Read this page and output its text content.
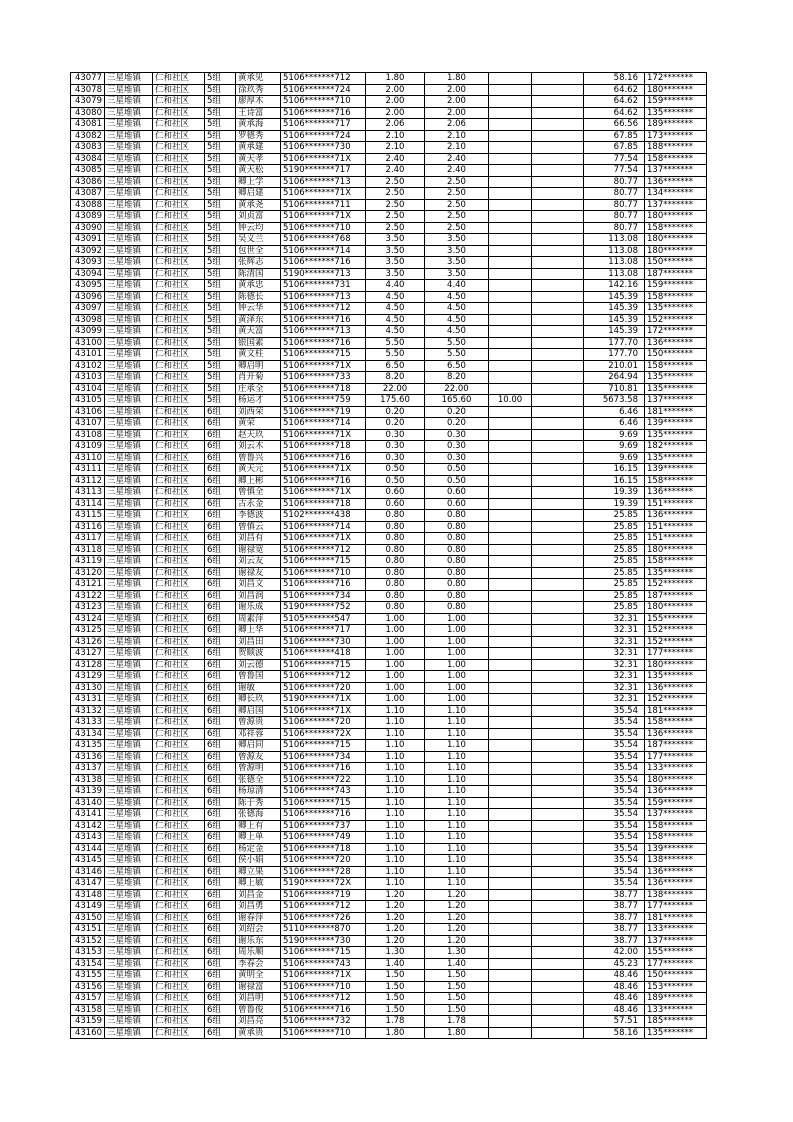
43077	三星堆镇	仁和社区	5组	黄承见	5106*******712	1.80	1.80			58.16	172*******
43078	三星堆镇	仁和社区	5组	徐玖秀	5106*******724	2.00	2.00			64.62	180*******
43079	三星堆镇	仁和社区	5组	廖厚木	5106*******710	2.00	2.00			64.62	159*******
43080	三星堆镇	仁和社区	5组	王诗富	5106*******716	2.00	2.00			64.62	135*******
43081	三星堆镇	仁和社区	5组	黄承海	5106*******717	2.06	2.06			66.56	189*******
43082	三星堆镇	仁和社区	5组	罗德秀	5106*******724	2.10	2.10			67.85	173*******
43083	三星堆镇	仁和社区	5组	黄承建	5106*******730	2.10	2.10			67.85	188*******
43084	三星堆镇	仁和社区	5组	黄天孝	5106*******71X	2.40	2.40			77.54	158*******
43085	三星堆镇	仁和社区	5组	黄天松	5190*******717	2.40	2.40			77.54	137*******
43086	三星堆镇	仁和社区	5组	卿上学	5106*******713	2.50	2.50			80.77	136*******
43087	三星堆镇	仁和社区	5组	卿启建	5106*******71X	2.50	2.50			80.77	134*******
43088	三星堆镇	仁和社区	5组	黄承尧	5106*******711	2.50	2.50			80.77	137*******
43089	三星堆镇	仁和社区	5组	刘贞富	5106*******71X	2.50	2.50			80.77	180*******
43090	三星堆镇	仁和社区	5组	钟云均	5106*******710	2.50	2.50			80.77	158*******
43091	三星堆镇	仁和社区	5组	吴义兰	5106*******768	3.50	3.50			113.08	180*******
43092	三星堆镇	仁和社区	5组	包世全	5106*******714	3.50	3.50			113.08	180*******
43093	三星堆镇	仁和社区	5组	张辉志	5106*******716	3.50	3.50			113.08	150*******
43094	三星堆镇	仁和社区	5组	陈清国	5190*******713	3.50	3.50			113.08	187*******
43095	三星堆镇	仁和社区	5组	黄承忠	5106*******731	4.40	4.40			142.16	159*******
43096	三星堆镇	仁和社区	5组	陈德长	5106*******713	4.50	4.50			145.39	158*******
43097	三星堆镇	仁和社区	5组	钟云华	5106*******712	4.50	4.50			145.39	135*******
43098	三星堆镇	仁和社区	5组	黄泽东	5106*******716	4.50	4.50			145.39	152*******
43099	三星堆镇	仁和社区	5组	黄天富	5106*******713	4.50	4.50			145.39	172*******
43100	三星堆镇	仁和社区	5组	银国素	5106*******716	5.50	5.50			177.70	136*******
43101	三星堆镇	仁和社区	5组	黄文柱	5106*******715	5.50	5.50			177.70	150*******
43102	三星堆镇	仁和社区	5组	卿启明	5106*******71X	6.50	6.50			210.01	158*******
43103	三星堆镇	仁和社区	5组	肖开菊	5106*******733	8.20	8.20			264.94	135*******
43104	三星堆镇	仁和社区	5组	庄承全	5106*******718	22.00	22.00			710.81	135*******
43105	三星堆镇	仁和社区	5组	杨运才	5106*******759	175.60	165.60	10.00		5673.58	137*******
43106	三星堆镇	仁和社区	6组	刘西荣	5106*******719	0.20	0.20			6.46	181*******
43107	三星堆镇	仁和社区	6组	黄荣	5106*******714	0.20	0.20			6.46	139*******
43108	三星堆镇	仁和社区	6组	赵天玖	5106*******71X	0.30	0.30			9.69	135*******
43109	三星堆镇	仁和社区	6组	刘云木	5106*******718	0.30	0.30			9.69	182*******
43110	三星堆镇	仁和社区	6组	曾鲁兴	5106*******716	0.30	0.30			9.69	135*******
43111	三星堆镇	仁和社区	6组	黄天元	5106*******71X	0.50	0.50			16.15	139*******
43112	三星堆镇	仁和社区	6组	卿上彬	5106*******716	0.50	0.50			16.15	158*******
43113	三星堆镇	仁和社区	6组	曾慎全	5106*******71X	0.60	0.60			19.39	136*******
43114	三星堆镇	仁和社区	6组	古永金	5106*******718	0.60	0.60			19.39	151*******
43115	三星堆镇	仁和社区	6组	李德波	5102*******438	0.80	0.80			25.85	136*******
43116	三星堆镇	仁和社区	6组	曾慎云	5106*******714	0.80	0.80			25.85	151*******
43117	三星堆镇	仁和社区	6组	刘昌有	5106*******71X	0.80	0.80			25.85	151*******
43118	三星堆镇	仁和社区	6组	谢禄宽	5106*******712	0.80	0.80			25.85	180*******
43119	三星堆镇	仁和社区	6组	刘云友	5106*******715	0.80	0.80			25.85	158*******
43120	三星堆镇	仁和社区	6组	谢禄友	5106*******710	0.80	0.80			25.85	135*******
43121	三星堆镇	仁和社区	6组	刘昌文	5106*******716	0.80	0.80			25.85	152*******
43122	三星堆镇	仁和社区	6组	刘昌润	5106*******734	0.80	0.80			25.85	187*******
43123	三星堆镇	仁和社区	6组	谢乐成	5190*******752	0.80	0.80			25.85	180*******
43124	三星堆镇	仁和社区	6组	周素萍	5105*******547	1.00	1.00			32.31	155*******
43125	三星堆镇	仁和社区	6组	卿上华	5106*******717	1.00	1.00			32.31	152*******
43126	三星堆镇	仁和社区	6组	刘昌田	5106*******730	1.00	1.00			32.31	152*******
43127	三星堆镇	仁和社区	6组	贺顺波	5106*******418	1.00	1.00			32.31	177*******
43128	三星堆镇	仁和社区	6组	刘云德	5106*******715	1.00	1.00			32.31	180*******
43129	三星堆镇	仁和社区	6组	曾鲁国	5106*******712	1.00	1.00			32.31	135*******
43130	三星堆镇	仁和社区	6组	谢敏	5106*******720	1.00	1.00			32.31	136*******
43131	三星堆镇	仁和社区	6组	卿长玖	5190*******71X	1.00	1.00			32.31	152*******
43132	三星堆镇	仁和社区	6组	卿启国	5106*******71X	1.10	1.10			35.54	181*******
43133	三星堆镇	仁和社区	6组	曾源贵	5106*******720	1.10	1.10			35.54	158*******
43134	三星堆镇	仁和社区	6组	邓祥蓉	5106*******72X	1.10	1.10			35.54	136*******
43135	三星堆镇	仁和社区	6组	卿启同	5106*******715	1.10	1.10			35.54	187*******
43136	三星堆镇	仁和社区	6组	曾源友	5106*******734	1.10	1.10			35.54	177*******
43137	三星堆镇	仁和社区	6组	曾源明	5106*******716	1.10	1.10			35.54	133*******
43138	三星堆镇	仁和社区	6组	张德全	5106*******722	1.10	1.10			35.54	180*******
43139	三星堆镇	仁和社区	6组	杨琼清	5106*******743	1.10	1.10			35.54	136*******
43140	三星堆镇	仁和社区	6组	陈于秀	5106*******715	1.10	1.10			35.54	159*******
43141	三星堆镇	仁和社区	6组	张德海	5106*******716	1.10	1.10			35.54	137*******
43142	三星堆镇	仁和社区	6组	卿上有	5106*******737	1.10	1.10			35.54	158*******
43143	三星堆镇	仁和社区	6组	卿上单	5106*******749	1.10	1.10			35.54	158*******
43144	三星堆镇	仁和社区	6组	杨定金	5106*******718	1.10	1.10			35.54	139*******
43145	三星堆镇	仁和社区	6组	侯小娟	5106*******720	1.10	1.10			35.54	138*******
43146	三星堆镇	仁和社区	6组	卿立果	5106*******728	1.10	1.10			35.54	136*******
43147	三星堆镇	仁和社区	6组	卿上敏	5190*******72X	1.10	1.10			35.54	136*******
43148	三星堆镇	仁和社区	6组	刘昌金	5106*******719	1.20	1.20			38.77	138*******
43149	三星堆镇	仁和社区	6组	刘昌勇	5106*******712	1.20	1.20			38.77	177*******
43150	三星堆镇	仁和社区	6组	谢春萍	5106*******726	1.20	1.20			38.77	181*******
43151	三星堆镇	仁和社区	6组	刘绍会	5110*******870	1.20	1.20			38.77	133*******
43152	三星堆镇	仁和社区	6组	谢乐东	5190*******730	1.20	1.20			38.77	137*******
43153	三星堆镇	仁和社区	6组	周乐顺	5106*******715	1.30	1.30			42.00	155*******
43154	三星堆镇	仁和社区	6组	李春会	5106*******743	1.40	1.40			45.23	177*******
43155	三星堆镇	仁和社区	6组	黄明全	5106*******71X	1.50	1.50			48.46	150*******
43156	三星堆镇	仁和社区	6组	谢禄富	5106*******710	1.50	1.50			48.46	153*******
43157	三星堆镇	仁和社区	6组	刘昌明	5106*******712	1.50	1.50			48.46	189*******
43158	三星堆镇	仁和社区	6组	曾鲁俊	5106*******716	1.50	1.50			48.46	133*******
43159	三星堆镇	仁和社区	6组	刘昌亮	5106*******732	1.78	1.78			57.51	185*******
43160	三星堆镇	仁和社区	6组	黄承贵	5106*******710	1.80	1.80			58.16	135*******
